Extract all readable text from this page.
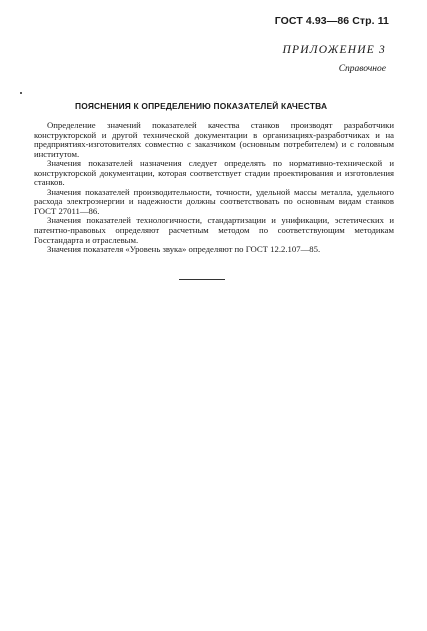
ГОСТ 4.93—86 Стр. 11
ПРИЛОЖЕНИЕ 3
Справочное
ПОЯСНЕНИЯ К ОПРЕДЕЛЕНИЮ ПОКАЗАТЕЛЕЙ КАЧЕСТВА

Определение значений показателей качества станков производят разработчики конструкторской и другой технической документации в организациях-разработчиках и на предприятиях-изготовителях совместно с заказчиком (основным потребителем) и с головным институтом.

Значения показателей назначения следует определять по нормативно-технической и конструкторской документации, которая соответствует стадии проектирования и изготовления станков.

Значения показателей производительности, точности, удельной массы металла, удельного расхода электроэнергии и надежности должны соответствовать по основным видам станков ГОСТ 27011—86.

Значения показателей технологичности, стандартизации и унификации, эстетических и патентно-правовых определяют расчетным методом по соответствующим методикам Госстандарта и отраслевым.

Значения показателя «Уровень звука» определяют по ГОСТ 12.2.107—85.
